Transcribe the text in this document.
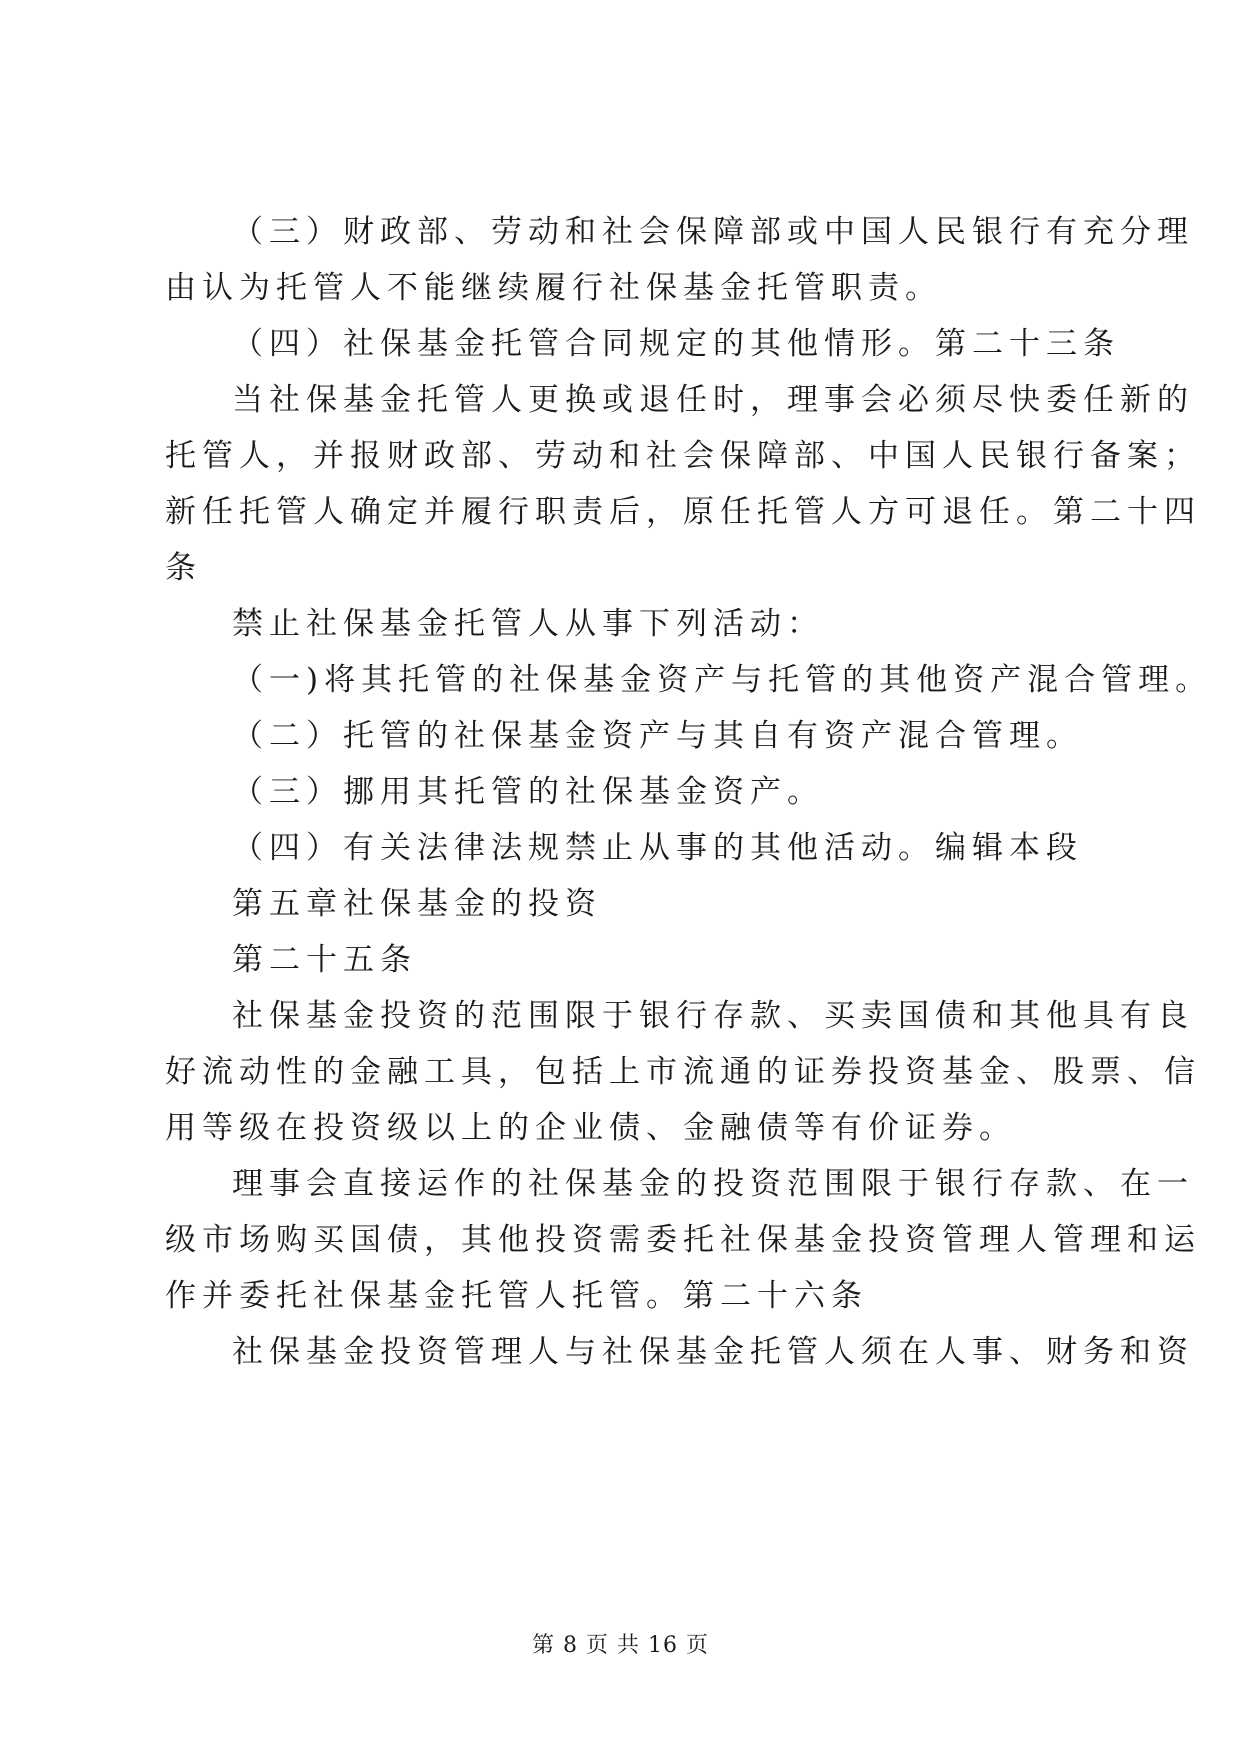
（三）财政部、劳动和社会保障部或中国人民银行有充分理
由认为托管人不能继续履行社保基金托管职责。
（四）社保基金托管合同规定的其他情形。第二十三条
当社保基金托管人更换或退任时，理事会必须尽快委任新的
托管人，并报财政部、劳动和社会保障部、中国人民银行备案；
新任托管人确定并履行职责后，原任托管人方可退任。第二十四
条
禁止社保基金托管人从事下列活动：
（一)将其托管的社保基金资产与托管的其他资产混合管理。
（二）托管的社保基金资产与其自有资产混合管理。
（三）挪用其托管的社保基金资产。
（四）有关法律法规禁止从事的其他活动。编辑本段
第五章社保基金的投资
第二十五条
社保基金投资的范围限于银行存款、买卖国债和其他具有良
好流动性的金融工具，包括上市流通的证券投资基金、股票、信
用等级在投资级以上的企业债、金融债等有价证券。
理事会直接运作的社保基金的投资范围限于银行存款、在一
级市场购买国债，其他投资需委托社保基金投资管理人管理和运
作并委托社保基金托管人托管。第二十六条
社保基金投资管理人与社保基金托管人须在人事、财务和资
第 8 页 共 16 页
